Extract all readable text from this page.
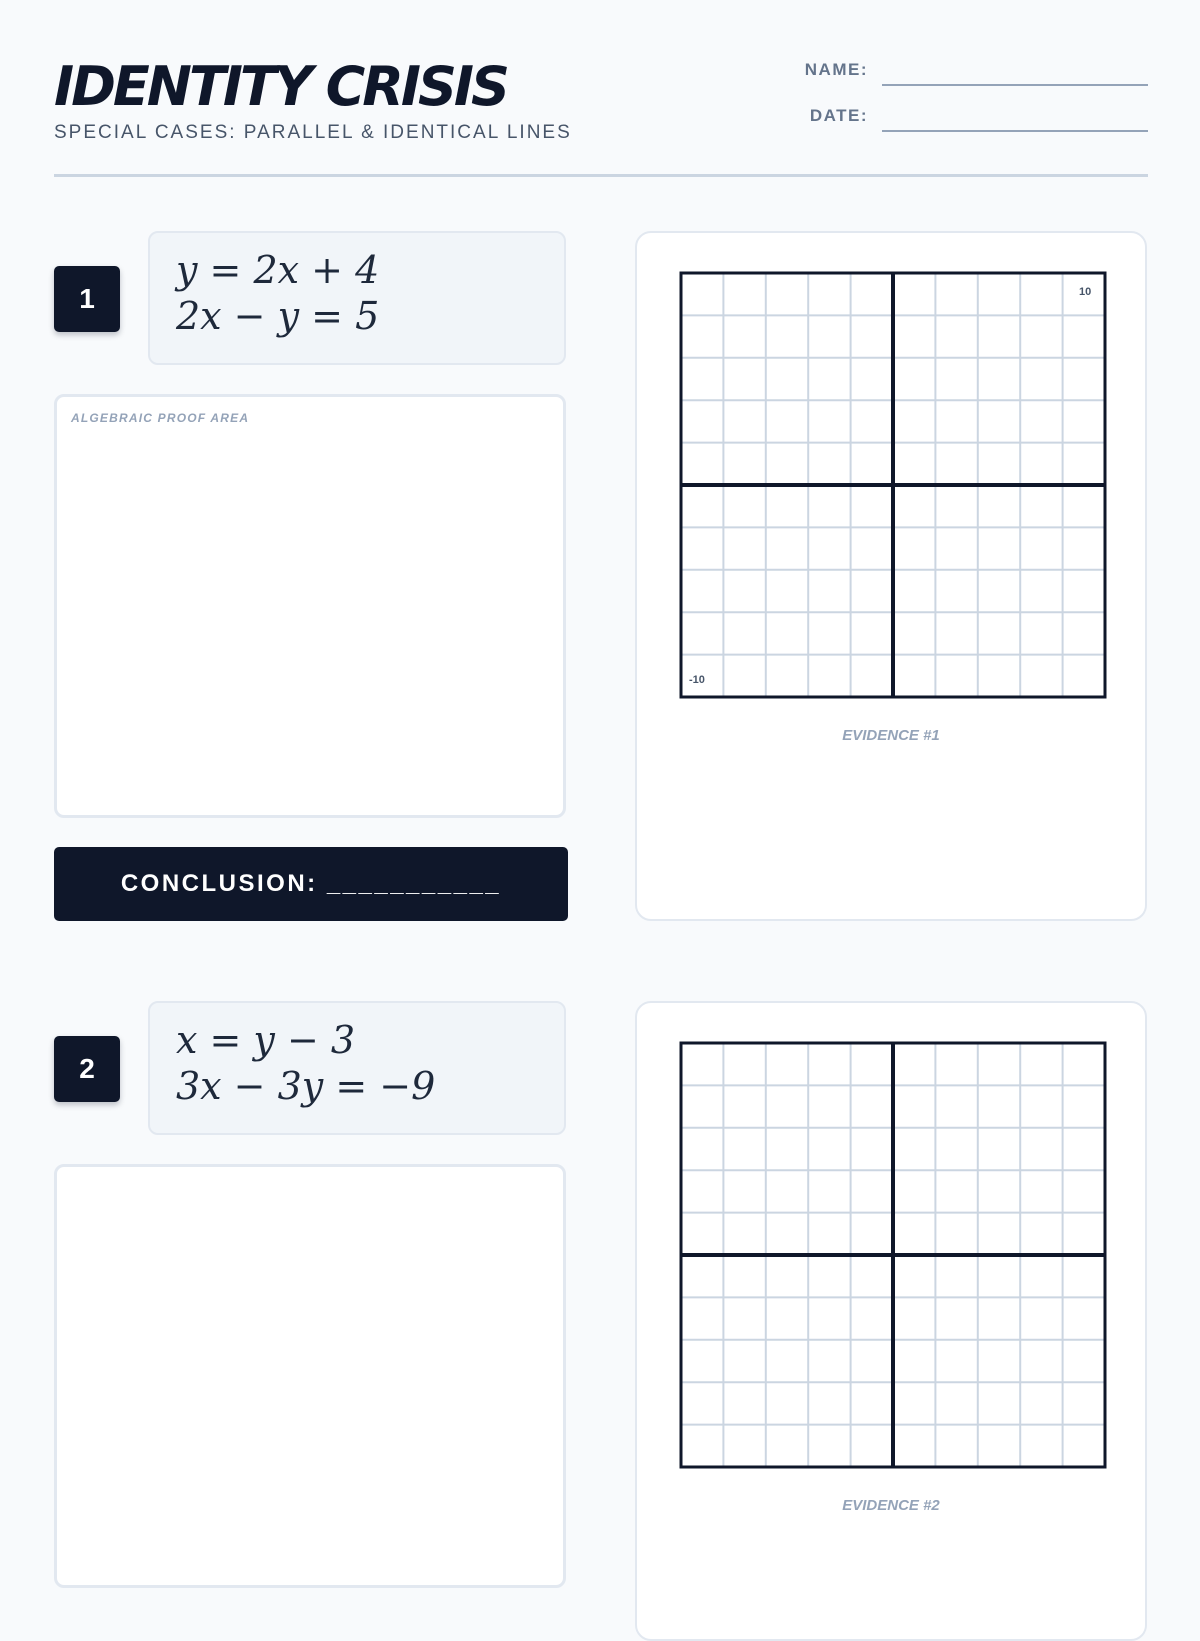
IDENTITY CRISIS
SPECIAL CASES: PARALLEL & IDENTICAL LINES
NAME:
DATE:
1
y = 2x + 4
2x − y = 5
ALGEBRAIC PROOF AREA
CONCLUSION: ___________
10
-10
EVIDENCE #1
2
x = y − 3
3x − 3y = −9
EVIDENCE #2
